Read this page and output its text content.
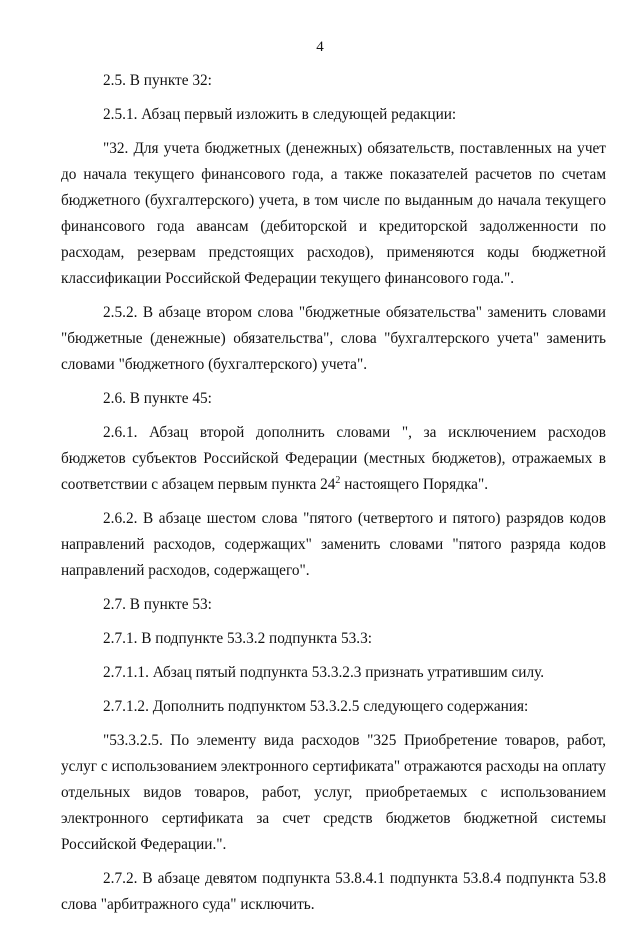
4

2.5. В пункте 32:

2.5.1. Абзац первый изложить в следующей редакции:

"32. Для учета бюджетных (денежных) обязательств, поставленных на учет до начала текущего финансового года, а также показателей расчетов по счетам бюджетного (бухгалтерского) учета, в том числе по выданным до начала текущего финансового года авансам (дебиторской и кредиторской задолженности по расходам, резервам предстоящих расходов), применяются коды бюджетной классификации Российской Федерации текущего финансового года.".

2.5.2. В абзаце втором слова "бюджетные обязательства" заменить словами "бюджетные (денежные) обязательства", слова "бухгалтерского учета" заменить словами "бюджетного (бухгалтерского) учета".

2.6. В пункте 45:

2.6.1. Абзац второй дополнить словами ", за исключением расходов бюджетов субъектов Российской Федерации (местных бюджетов), отражаемых в соответствии с абзацем первым пункта $24^2$ настоящего Порядка".

2.6.2. В абзаце шестом слова "пятого (четвертого и пятого) разрядов кодов направлений расходов, содержащих" заменить словами "пятого разряда кодов направлений расходов, содержащего".

2.7. В пункте 53:

2.7.1. В подпункте 53.3.2 подпункта 53.3:

2.7.1.1. Абзац пятый подпункта 53.3.2.3 признать утратившим силу.

2.7.1.2. Дополнить подпунктом 53.3.2.5 следующего содержания:

"53.3.2.5. По элементу вида расходов "325 Приобретение товаров, работ, услуг с использованием электронного сертификата" отражаются расходы на оплату отдельных видов товаров, работ, услуг, приобретаемых с использованием электронного сертификата за счет средств бюджетов бюджетной системы Российской Федерации.".

2.7.2. В абзаце девятом подпункта 53.8.4.1 подпункта 53.8.4 подпункта 53.8 слова "арбитражного суда" исключить.
